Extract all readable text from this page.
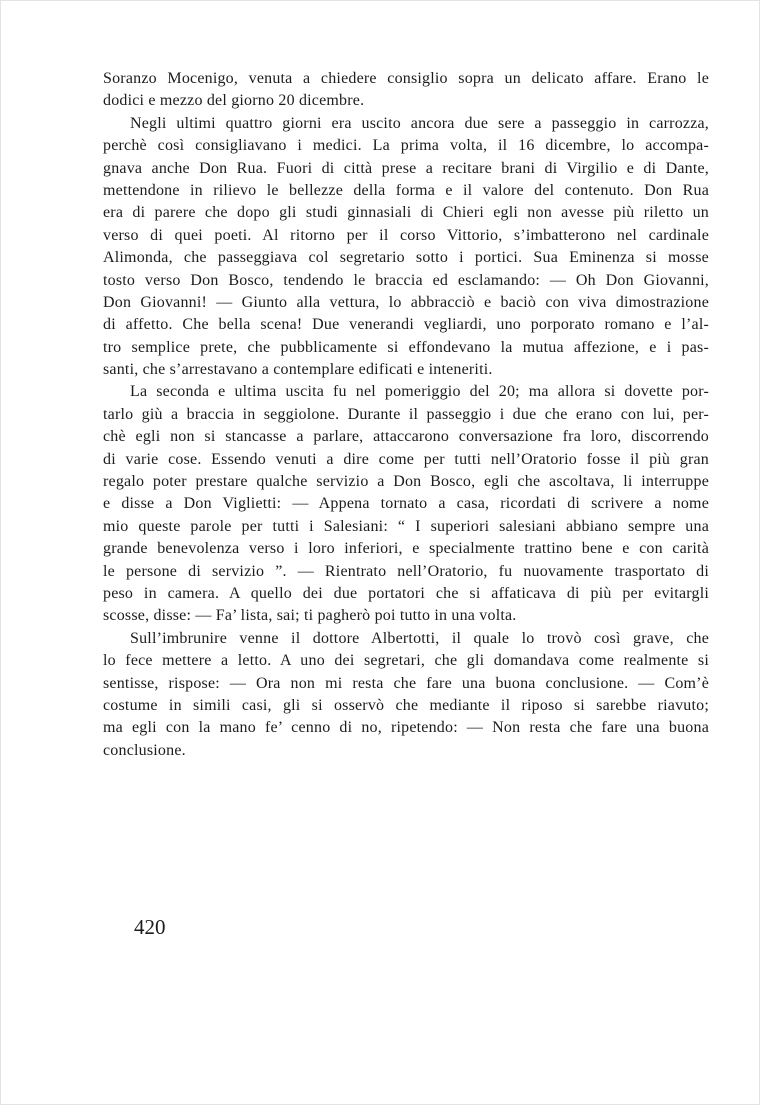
Soranzo Mocenigo, venuta a chiedere consiglio sopra un delicato affare. Erano le
dodici e mezzo del giorno 20 dicembre.
Negli ultimi quattro giorni era uscito ancora due sere a passeggio in carrozza,
perchè così consigliavano i medici. La prima volta, il 16 dicembre, lo accompa-
gnava anche Don Rua. Fuori di città prese a recitare brani di Virgilio e di Dante,
mettendone in rilievo le bellezze della forma e il valore del contenuto. Don Rua
era di parere che dopo gli studi ginnasiali di Chieri egli non avesse più riletto un
verso di quei poeti. Al ritorno per il corso Vittorio, s’imbatterono nel cardinale
Alimonda, che passeggiava col segretario sotto i portici. Sua Eminenza si mosse
tosto verso Don Bosco, tendendo le braccia ed esclamando: — Oh Don Giovanni,
Don Giovanni! — Giunto alla vettura, lo abbracciò e baciò con viva dimostrazione
di affetto. Che bella scena! Due venerandi vegliardi, uno porporato romano e l’al-
tro semplice prete, che pubblicamente si effondevano la mutua affezione, e i pas-
santi, che s’arrestavano a contemplare edificati e inteneriti.
La seconda e ultima uscita fu nel pomeriggio del 20; ma allora si dovette por-
tarlo giù a braccia in seggiolone. Durante il passeggio i due che erano con lui, per-
chè egli non si stancasse a parlare, attaccarono conversazione fra loro, discorrendo
di varie cose. Essendo venuti a dire come per tutti nell’Oratorio fosse il più gran
regalo poter prestare qualche servizio a Don Bosco, egli che ascoltava, li interruppe
e disse a Don Viglietti: — Appena tornato a casa, ricordati di scrivere a nome
mio queste parole per tutti i Salesiani: “ I superiori salesiani abbiano sempre una
grande benevolenza verso i loro inferiori, e specialmente trattino bene e con carità
le persone di servizio ”. — Rientrato nell’Oratorio, fu nuovamente trasportato di
peso in camera. A quello dei due portatori che si affaticava di più per evitargli
scosse, disse: — Fa’ lista, sai; ti pagherò poi tutto in una volta.
Sull’imbrunire venne il dottore Albertotti, il quale lo trovò così grave, che
lo fece mettere a letto. A uno dei segretari, che gli domandava come realmente si
sentisse, rispose: — Ora non mi resta che fare una buona conclusione. — Com’è
costume in simili casi, gli si osservò che mediante il riposo si sarebbe riavuto;
ma egli con la mano fe’ cenno di no, ripetendo: — Non resta che fare una buona
conclusione.
420
